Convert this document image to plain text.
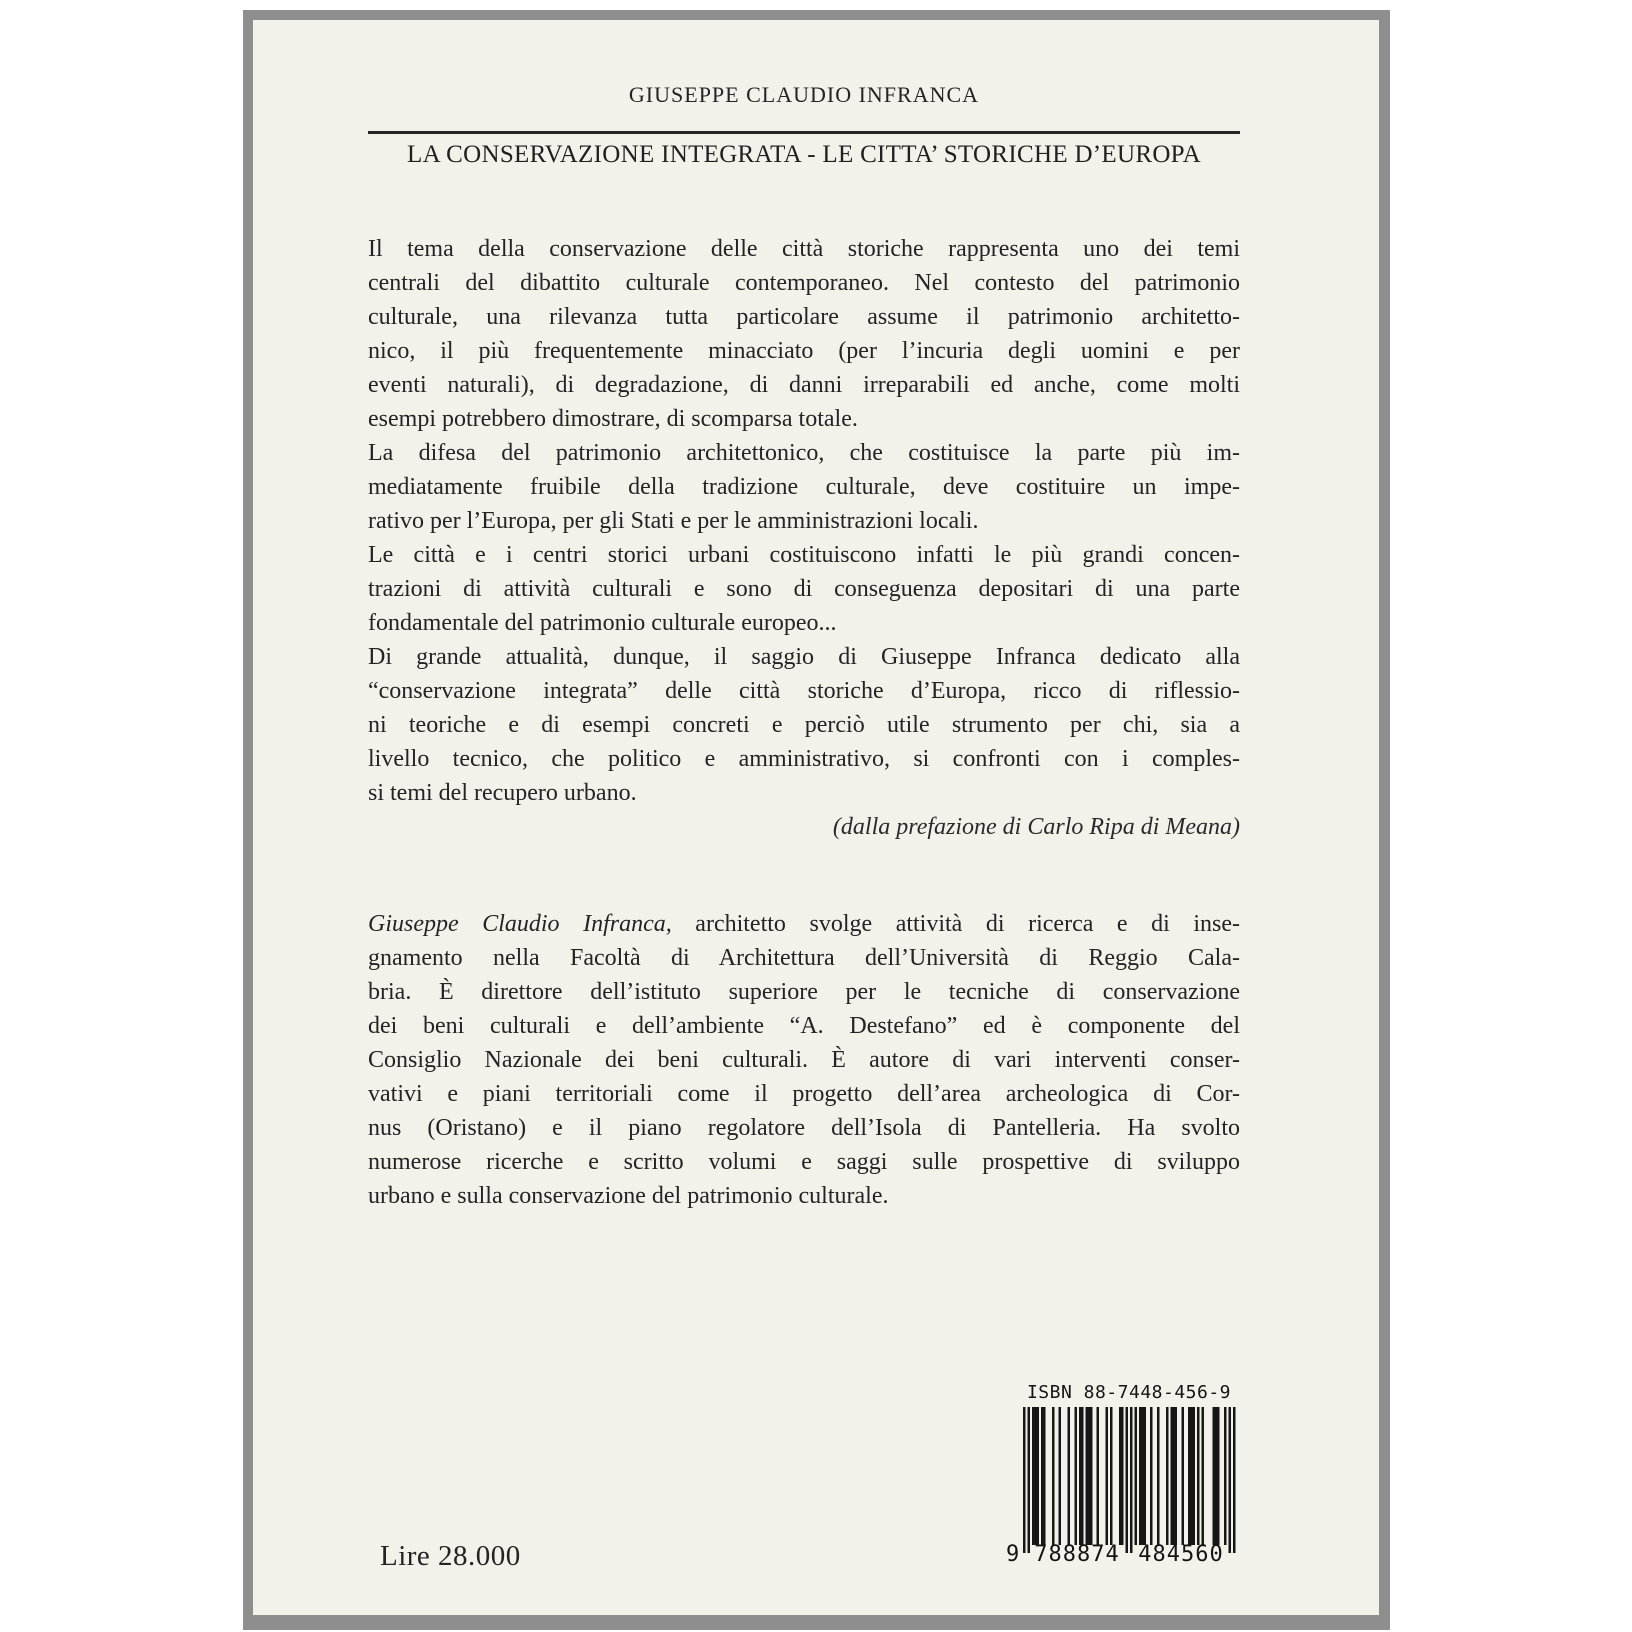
GIUSEPPE CLAUDIO INFRANCA
LA CONSERVAZIONE INTEGRATA - LE CITTA’ STORICHE D’EUROPA
Il tema della conservazione delle città storiche rappresenta uno dei temi
centrali del dibattito culturale contemporaneo. Nel contesto del patrimonio
culturale, una rilevanza tutta particolare assume il patrimonio architetto-
nico, il più frequentemente minacciato (per l’incuria degli uomini e per
eventi naturali), di degradazione, di danni irreparabili ed anche, come molti
esempi potrebbero dimostrare, di scomparsa totale.
La difesa del patrimonio architettonico, che costituisce la parte più im-
mediatamente fruibile della tradizione culturale, deve costituire un impe-
rativo per l’Europa, per gli Stati e per le amministrazioni locali.
Le città e i centri storici urbani costituiscono infatti le più grandi concen-
trazioni di attività culturali e sono di conseguenza depositari di una parte
fondamentale del patrimonio culturale europeo...
Di grande attualità, dunque, il saggio di Giuseppe Infranca dedicato alla
“conservazione integrata” delle città storiche d’Europa, ricco di riflessio-
ni teoriche e di esempi concreti e perciò utile strumento per chi, sia a
livello tecnico, che politico e amministrativo, si confronti con i comples-
si temi del recupero urbano.
(dalla prefazione di Carlo Ripa di Meana)
Giuseppe Claudio Infranca, architetto svolge attività di ricerca e di inse-
gnamento nella Facoltà di Architettura dell’Università di Reggio Cala-
bria. È direttore dell’istituto superiore per le tecniche di conservazione
dei beni culturali e dell’ambiente “A. Destefano” ed è componente del
Consiglio Nazionale dei beni culturali. È autore di vari interventi conser-
vativi e piani territoriali come il progetto dell’area archeologica di Cor-
nus (Oristano) e il piano regolatore dell’Isola di Pantelleria. Ha svolto
numerose ricerche e scritto volumi e saggi sulle prospettive di sviluppo
urbano e sulla conservazione del patrimonio culturale.
ISBN 88-7448-456-9
9 788874 484560
Lire 28.000
